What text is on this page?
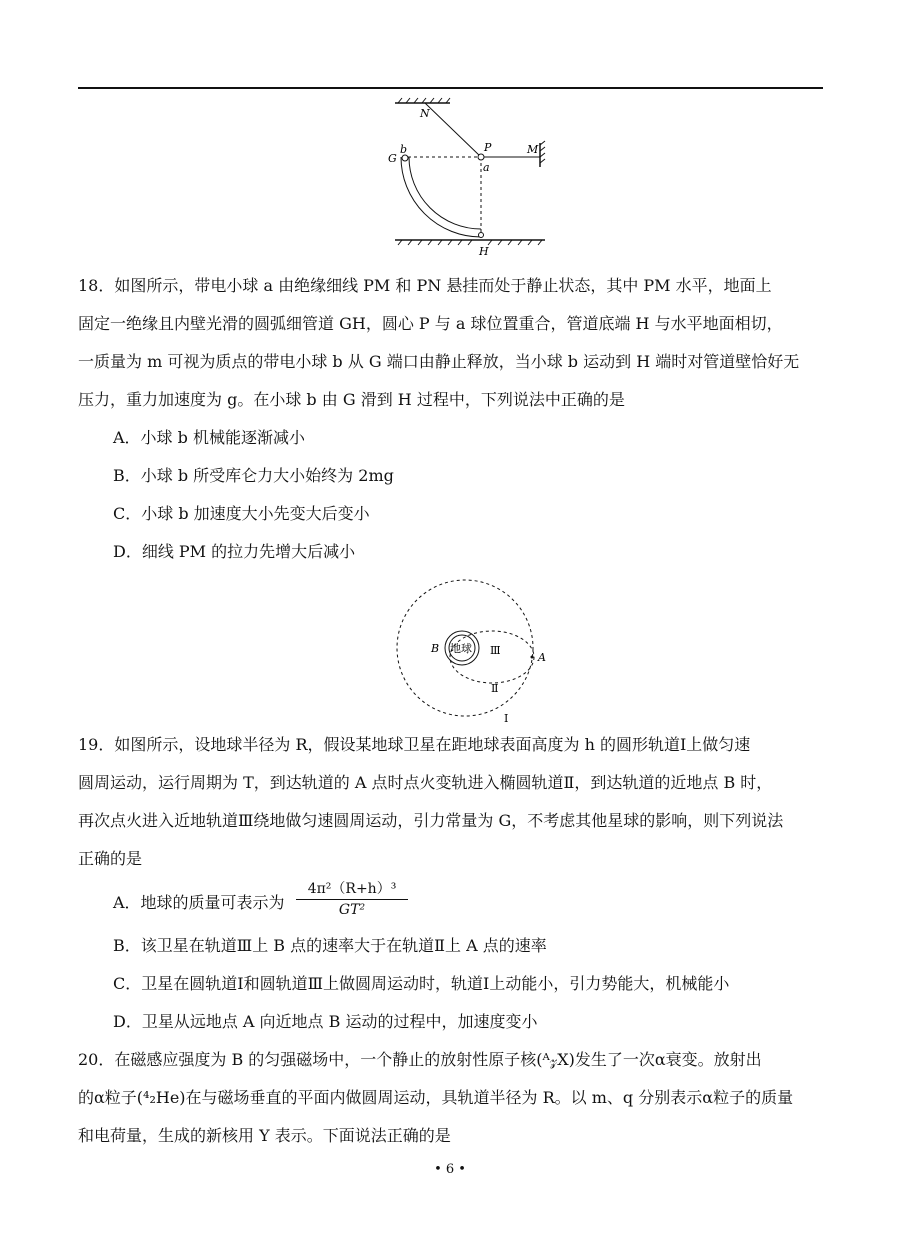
N
P
a
M
G
b
H
18．如图所示，带电小球 a 由绝缘细线 PM 和 PN 悬挂而处于静止状态，其中 PM 水平，地面上
固定一绝缘且内壁光滑的圆弧细管道 GH，圆心 P 与 a 球位置重合，管道底端 H 与水平地面相切，
一质量为 m 可视为质点的带电小球 b 从 G 端口由静止释放，当小球 b 运动到 H 端时对管道壁恰好无
压力，重力加速度为 g。在小球 b 由 G 滑到 H 过程中，下列说法中正确的是
A．小球 b 机械能逐渐减小
B．小球 b 所受库仑力大小始终为 2mg
C．小球 b 加速度大小先变大后变小
D．细线 PM 的拉力先增大后减小
地球
B
A
Ⅲ
Ⅱ
I
19．如图所示，设地球半径为 R，假设某地球卫星在距地球表面高度为 h 的圆形轨道Ⅰ上做匀速
圆周运动，运行周期为 T，到达轨道的 A 点时点火变轨进入椭圆轨道Ⅱ，到达轨道的近地点 B 时，
再次点火进入近地轨道Ⅲ绕地做匀速圆周运动，引力常量为 G，不考虑其他星球的影响，则下列说法
正确的是
A．地球的质量可表示为 $\frac{\text{4π²（R+h）³}}{\text{GT²}}$
B．该卫星在轨道Ⅲ上 B 点的速率大于在轨道Ⅱ上 A 点的速率
C．卫星在圆轨道Ⅰ和圆轨道Ⅲ上做圆周运动时，轨道Ⅰ上动能小，引力势能大，机械能小
D．卫星从远地点 A 向近地点 B 运动的过程中，加速度变小
20．在磁感应强度为 B 的匀强磁场中，一个静止的放射性原子核(ᴬ𝓏X)发生了一次α衰变。放射出
的α粒子(⁴₂He)在与磁场垂直的平面内做圆周运动，具轨道半径为 R。以 m、q 分别表示α粒子的质量
和电荷量，生成的新核用 Y 表示。下面说法正确的是
• 6 •
